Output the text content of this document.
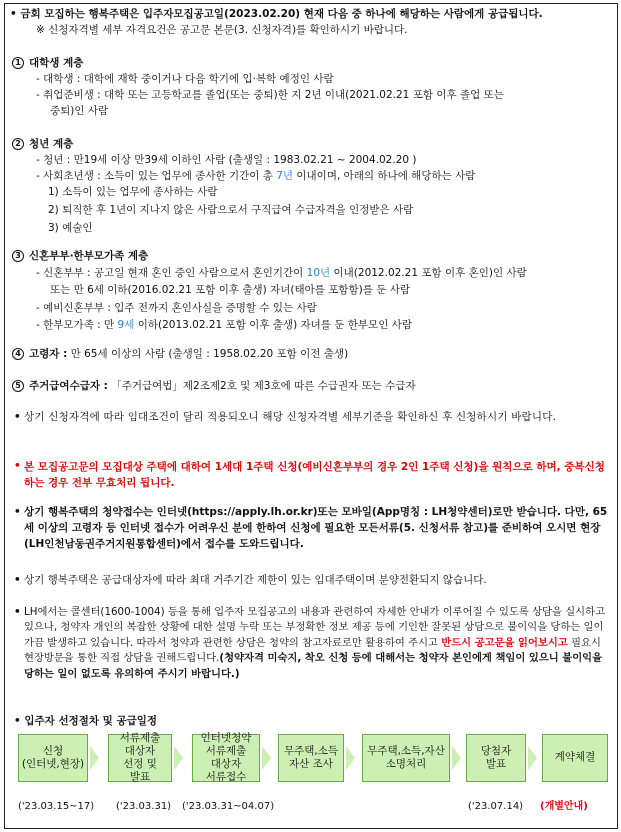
• 금회 모집하는 행복주택은 입주자모집공고일(2023.02.20) 현재 다음 중 하나에 해당하는 사람에게 공급됩니다.
※ 신청자격별 세부 자격요건은 공고문 본문(3. 신청자격)를 확인하시기 바랍니다.
1 대학생 계층
- 대학생 : 대학에 재학 중이거나 다음 학기에 입·복학 예정인 사람
- 취업준비생 : 대학 또는 고등학교를 졸업(또는 중퇴)한 지 2년 이내(2021.02.21 포함 이후 졸업 또는
중퇴)인 사람
2 청년 계층
- 청년 : 만19세 이상 만39세 이하인 사람 (출생일 : 1983.02.21 ~ 2004.02.20 )
- 사회초년생 : 소득이 있는 업무에 종사한 기간이 총 7년 이내이며, 아래의 하나에 해당하는 사람
1) 소득이 있는 업무에 종사하는 사람
2) 퇴직한 후 1년이 지나지 않은 사람으로서 구직급여 수급자격을 인정받은 사람
3) 예술인
3 신혼부부·한부모가족 계층
- 신혼부부 : 공고일 현재 혼인 중인 사람으로서 혼인기간이 10년 이내(2012.02.21 포함 이후 혼인)인 사람
또는 만 6세 이하(2016.02.21 포함 이후 출생) 자녀(태아를 포함함)를 둔 사람
- 예비신혼부부 : 입주 전까지 혼인사실을 증명할 수 있는 사람
- 한부모가족 : 만 9세 이하(2013.02.21 포함 이후 출생) 자녀를 둔 한부모인 사람
4 고령자 : 만 65세 이상의 사람 (출생일 : 1958.02.20 포함 이전 출생)
5 주거급여수급자 : 「주거급여법」제2조제2호 및 제3호에 따른 수급권자 또는 수급자
• 상기 신청자격에 따라 임대조건이 달리 적용되오니 해당 신청자격별 세부기준을 확인하신 후 신청하시기 바랍니다.
• 본 모집공고문의 모집대상 주택에 대하여 1세대 1주택 신청(예비신혼부부의 경우 2인 1주택 신청)을 원칙으로 하며, 중복신청하는 경우 전부 무효처리 됩니다.
• 상기 행복주택의 청약접수는 인터넷(https://apply.lh.or.kr)또는 모바일(App명칭 : LH청약센터)로만 받습니다. 다만, 65세 이상의 고령자 등 인터넷 접수가 어려우신 분에 한하여 신청에 필요한 모든서류(5. 신청서류 참고)를 준비하여 오시면 현장(LH인천남동권주거지원통합센터)에서 접수를 도와드립니다.
• 상기 행복주택은 공급대상자에 따라 최대 거주기간 제한이 있는 임대주택이며 분양전환되지 않습니다.
• LH에서는 콜센터(1600-1004) 등을 통해 입주자 모집공고의 내용과 관련하여 자세한 안내가 이루어질 수 있도록 상담을 실시하고 있으나, 청약자 개인의 복잡한 상황에 대한 설명 누락 또는 부정확한 정보 제공 등에 기인한 잘못된 상담으로 불이익을 당하는 일이 가끔 발생하고 있습니다. 따라서 청약과 관련한 상담은 청약의 참고자료로만 활용하여 주시고 반드시 공고문을 읽어보시고 필요시 현장방문을 통한 직접 상담을 권해드립니다.(청약자격 미숙지, 착오 신청 등에 대해서는 청약자 본인에게 책임이 있으니 불이익을 당하는 일이 없도록 유의하여 주시기 바랍니다.)
• 입주자 선정절차 및 공급일정
신청
(인터넷,현장)
('23.03.15~17)
서류제출
대상자
선정 및
발표
('23.03.31)
인터넷청약
서류제출
대상자
서류접수
('23.03.31~04.07)
무주택,소득
자산 조사
무주택,소득,자산
소명처리
당첨자
발표
('23.07.14)
계약체결
(개별안내)
